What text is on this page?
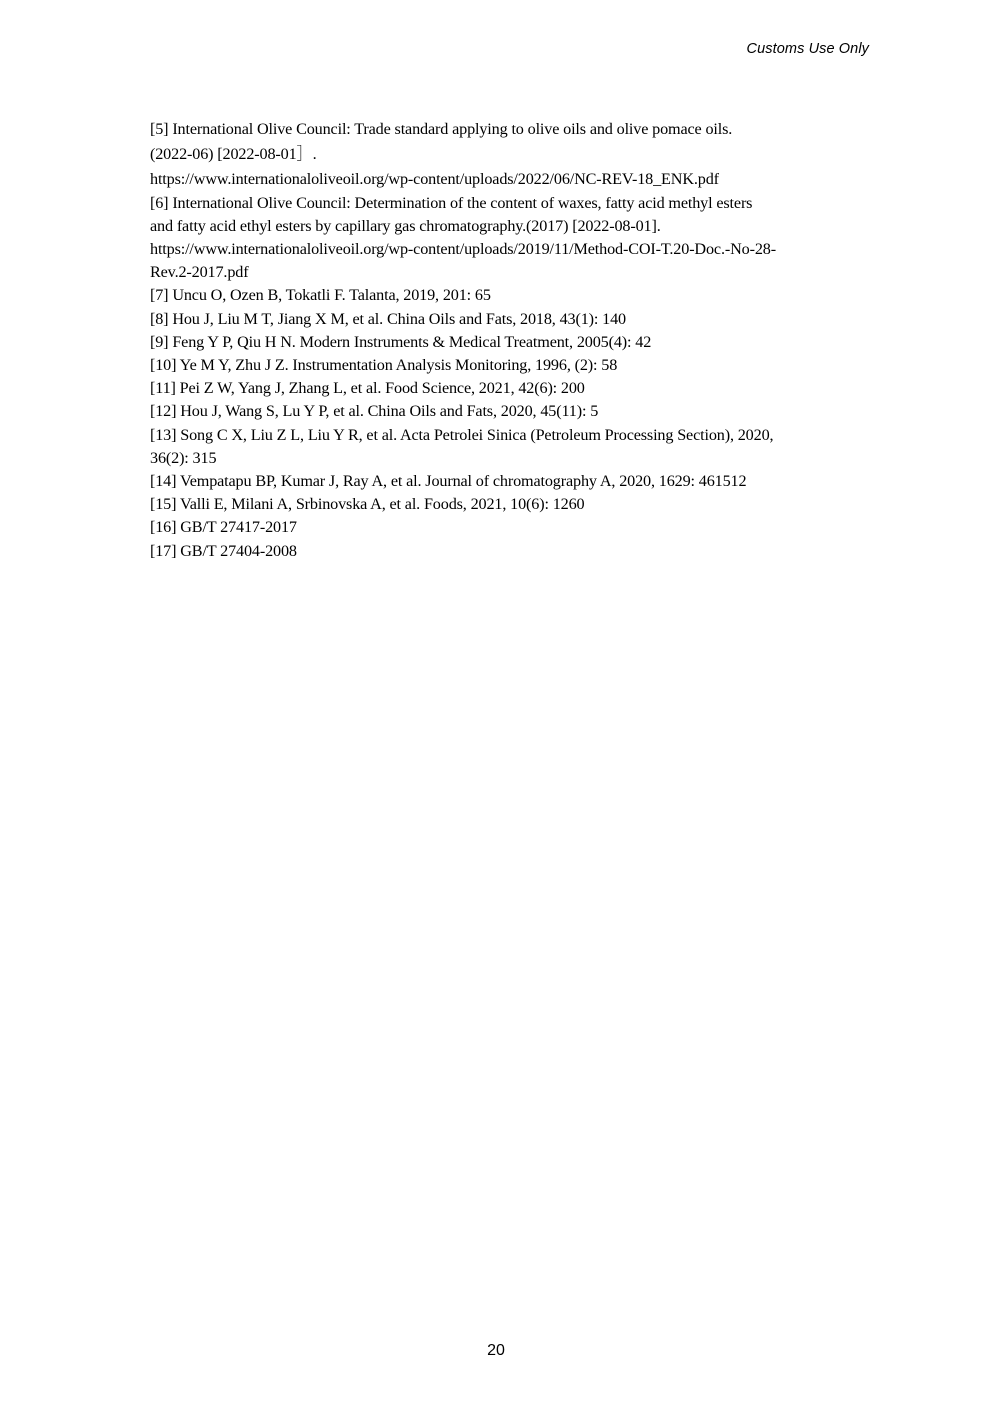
Customs Use Only
[5] International Olive Council: Trade standard applying to olive oils and olive pomace oils.
(2022-06) [2022-08-01］.
https://www.internationaloliveoil.org/wp-content/uploads/2022/06/NC-REV-18_ENK.pdf
[6] International Olive Council: Determination of the content of waxes, fatty acid methyl esters
and fatty acid ethyl esters by capillary gas chromatography.(2017) [2022-08-01].
https://www.internationaloliveoil.org/wp-content/uploads/2019/11/Method-COI-T.20-Doc.-No-28-
Rev.2-2017.pdf
[7] Uncu O, Ozen B, Tokatli F. Talanta, 2019, 201: 65
[8] Hou J, Liu M T, Jiang X M, et al. China Oils and Fats, 2018, 43(1): 140
[9] Feng Y P, Qiu H N. Modern Instruments & Medical Treatment, 2005(4): 42
[10] Ye M Y, Zhu J Z. Instrumentation Analysis Monitoring, 1996, (2): 58
[11] Pei Z W, Yang J, Zhang L, et al. Food Science, 2021, 42(6): 200
[12] Hou J, Wang S, Lu Y P, et al. China Oils and Fats, 2020, 45(11): 5
[13] Song C X, Liu Z L, Liu Y R, et al. Acta Petrolei Sinica (Petroleum Processing Section), 2020,
36(2): 315
[14] Vempatapu BP, Kumar J, Ray A, et al. Journal of chromatography A, 2020, 1629: 461512
[15] Valli E, Milani A, Srbinovska A, et al. Foods, 2021, 10(6): 1260
[16] GB/T 27417-2017
[17] GB/T 27404-2008
20
